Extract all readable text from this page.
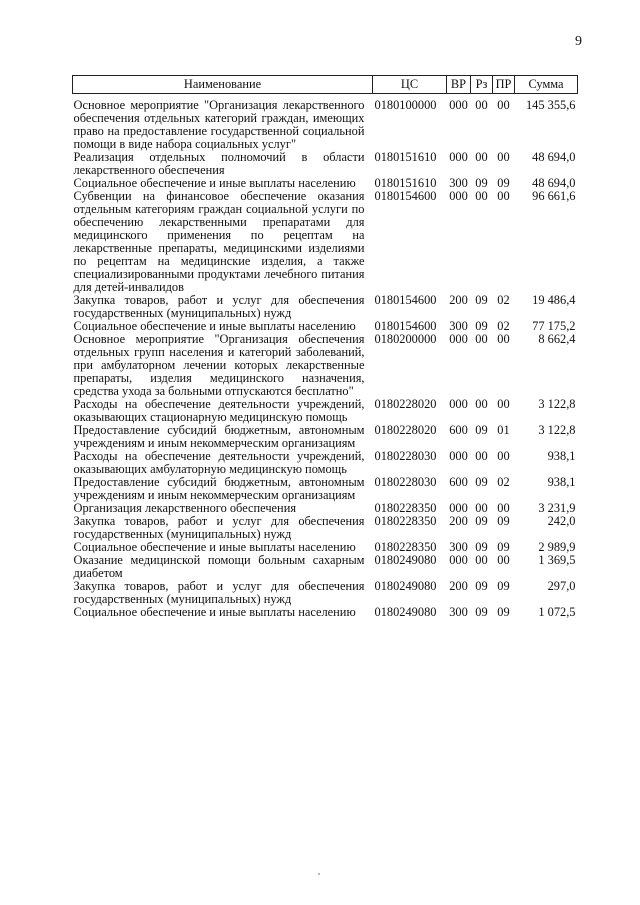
9
Наименование	ЦС	ВР	Рз	ПР	Сумма
Основное мероприятие "Организация лекарственного обеспечения отдельных категорий граждан, имеющих право на предоставление государственной социальной помощи в виде набора социальных услуг"	0180100000	000	00	00	145 355,6
Реализация отдельных полномочий в области лекарственного обеспечения	0180151610	000	00	00	48 694,0
Социальное обеспечение и иные выплаты населению	0180151610	300	09	09	48 694,0
Субвенции на финансовое обеспечение оказания отдельным категориям граждан социальной услуги по обеспечению лекарственными препаратами для медицинского применения по рецептам на лекарственные препараты, медицинскими изделиями по рецептам на медицинские изделия, а также специализированными продуктами лечебного питания для детей-инвалидов	0180154600	000	00	00	96 661,6
Закупка товаров, работ и услуг для обеспечения государственных (муниципальных) нужд	0180154600	200	09	02	19 486,4
Социальное обеспечение и иные выплаты населению	0180154600	300	09	02	77 175,2
Основное мероприятие "Организация обеспечения отдельных групп населения и категорий заболеваний, при амбулаторном лечении которых лекарственные препараты, изделия медицинского назначения, средства ухода за больными отпускаются бесплатно"	0180200000	000	00	00	8 662,4
Расходы на обеспечение деятельности учреждений, оказывающих стационарную медицинскую помощь	0180228020	000	00	00	3 122,8
Предоставление субсидий бюджетным, автономным учреждениям и иным некоммерческим организациям	0180228020	600	09	01	3 122,8
Расходы на обеспечение деятельности учреждений, оказывающих амбулаторную медицинскую помощь	0180228030	000	00	00	938,1
Предоставление субсидий бюджетным, автономным учреждениям и иным некоммерческим организациям	0180228030	600	09	02	938,1
Организация лекарственного обеспечения	0180228350	000	00	00	3 231,9
Закупка товаров, работ и услуг для обеспечения государственных (муниципальных) нужд	0180228350	200	09	09	242,0
Социальное обеспечение и иные выплаты населению	0180228350	300	09	09	2 989,9
Оказание медицинской помощи больным сахарным диабетом	0180249080	000	00	00	1 369,5
Закупка товаров, работ и услуг для обеспечения государственных (муниципальных) нужд	0180249080	200	09	09	297,0
Социальное обеспечение и иные выплаты населению	0180249080	300	09	09	1 072,5
